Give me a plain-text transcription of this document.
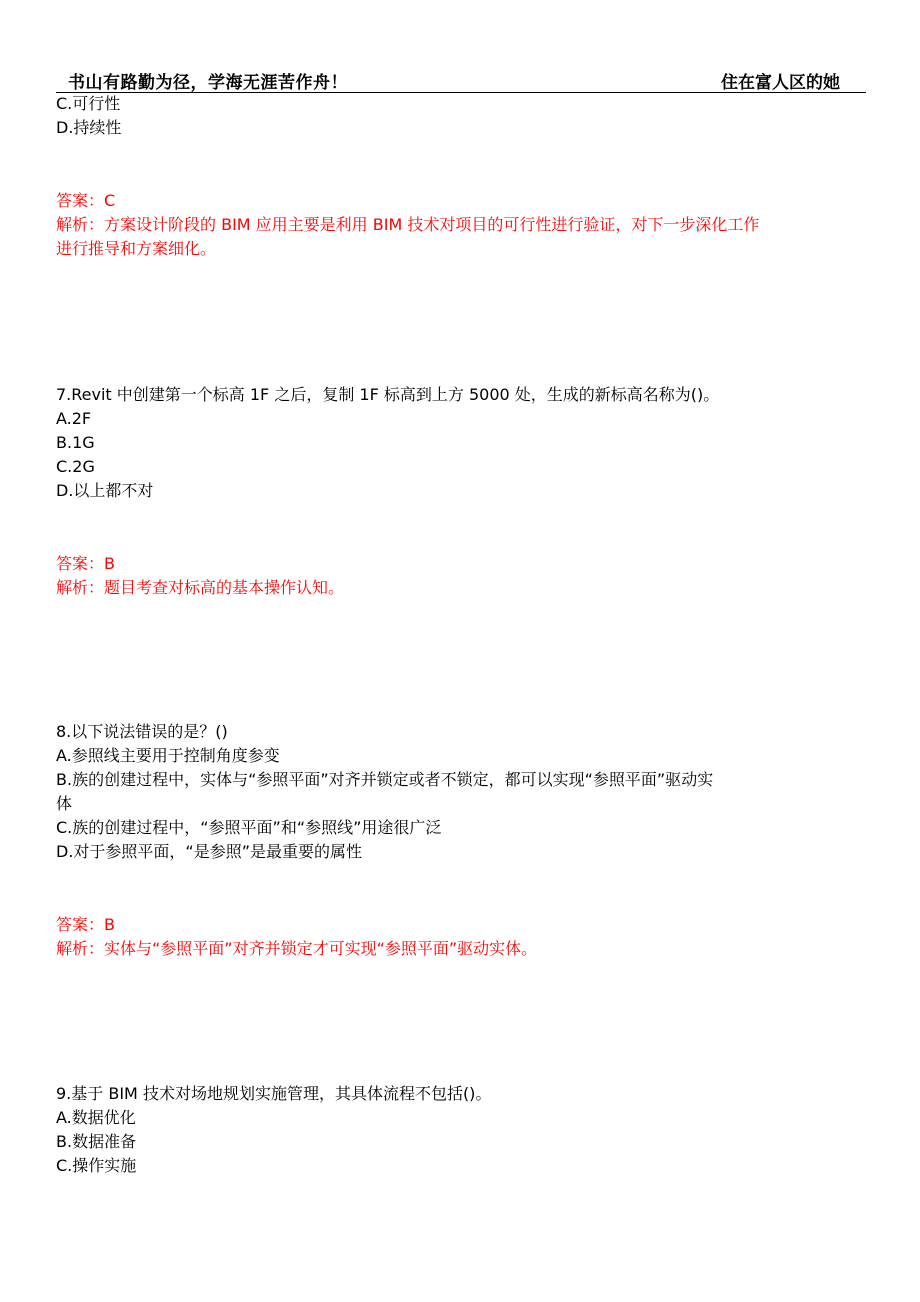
书山有路勤为径，学海无涯苦作舟！	住在富人区的她
C.可行性
D.持续性
答案：C
解析：方案设计阶段的 BIM 应用主要是利用 BIM 技术对项目的可行性进行验证，对下一步深化工作
进行推导和方案细化。
7.Revit 中创建第一个标高 1F 之后，复制 1F 标高到上方 5000 处，生成的新标高名称为()。
A.2F
B.1G
C.2G
D.以上都不对
答案：B
解析：题目考查对标高的基本操作认知。
8.以下说法错误的是？()
A.参照线主要用于控制角度参变
B.族的创建过程中，实体与“参照平面”对齐并锁定或者不锁定，都可以实现“参照平面”驱动实
体
C.族的创建过程中，“参照平面”和“参照线”用途很广泛
D.对于参照平面，“是参照”是最重要的属性
答案：B
解析：实体与“参照平面”对齐并锁定才可实现“参照平面”驱动实体。
9.基于 BIM 技术对场地规划实施管理，其具体流程不包括()。
A.数据优化
B.数据准备
C.操作实施
